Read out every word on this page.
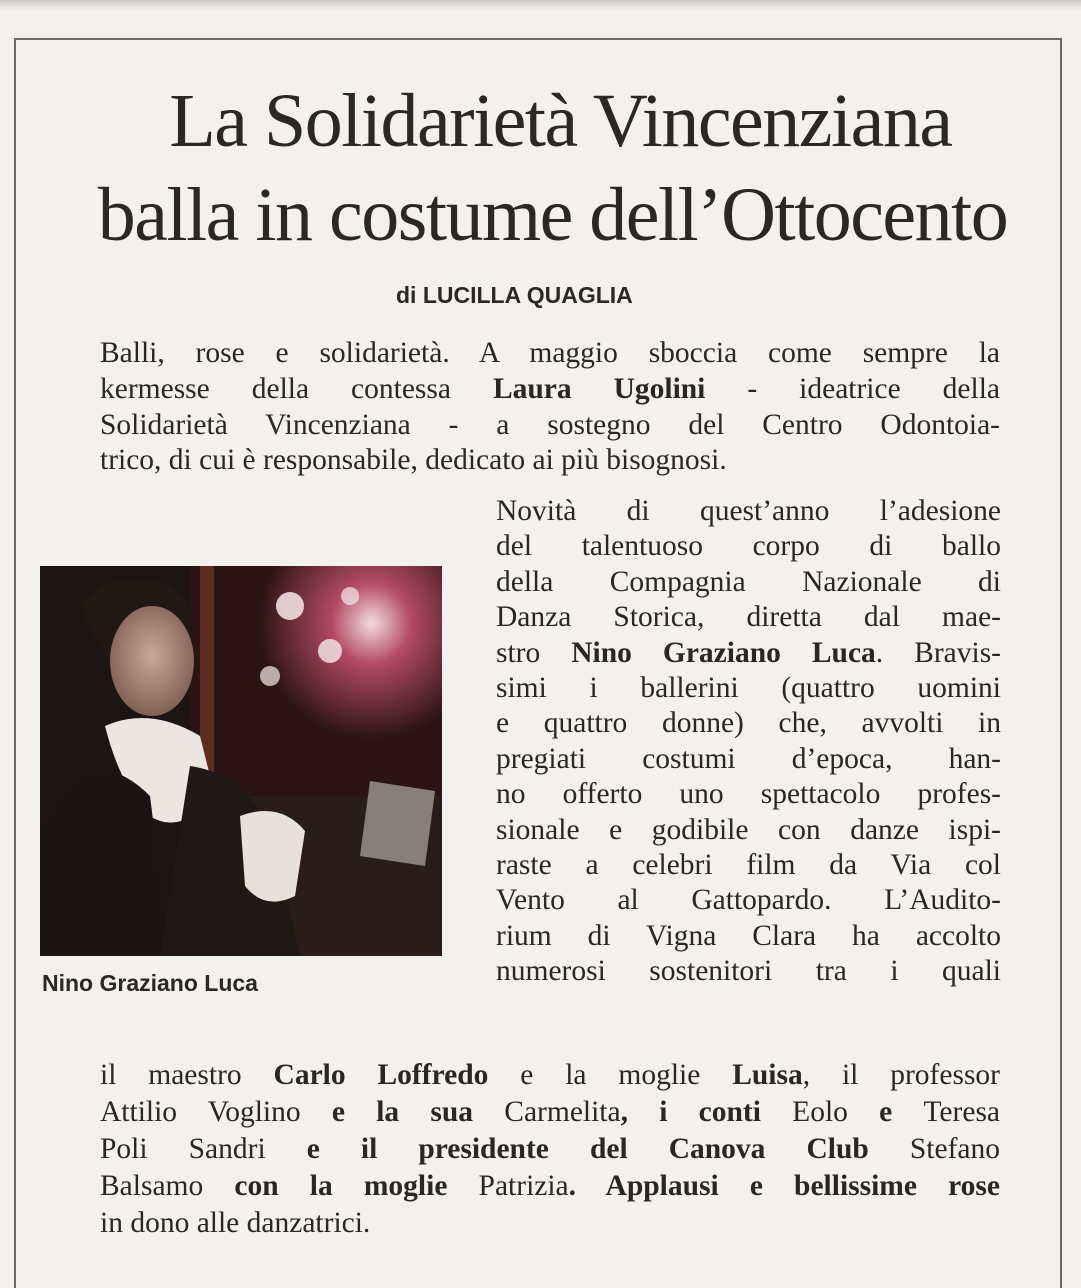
La Solidarietà Vincenziana
balla in costume dell’Ottocento

di LUCILLA QUAGLIA

Balli, rose e solidarietà. A maggio sboccia come sempre la
kermesse della contessa Laura Ugolini - ideatrice della
Solidarietà Vincenziana - a sostegno del Centro Odontoia-
trico, di cui è responsabile, dedicato ai più bisognosi.
Novità di quest’anno l’adesione
del talentuoso corpo di ballo
della Compagnia Nazionale di
Danza Storica, diretta dal mae-
stro Nino Graziano Luca. Bravis-
simi i ballerini (quattro uomini
e quattro donne) che, avvolti in
pregiati costumi d’epoca, han-
no offerto uno spettacolo profes-
sionale e godibile con danze ispi-
raste a celebri film da Via col
Vento al Gattopardo. L’Audito-
rium di Vigna Clara ha accolto
numerosi sostenitori tra i quali

Nino Graziano Luca

il maestro Carlo Loffredo e la moglie Luisa, il professor
Attilio Voglino e la sua Carmelita, i conti Eolo e Teresa
Poli Sandri e il presidente del Canova Club Stefano
Balsamo con la moglie Patrizia. Applausi e bellissime rose
in dono alle danzatrici.
